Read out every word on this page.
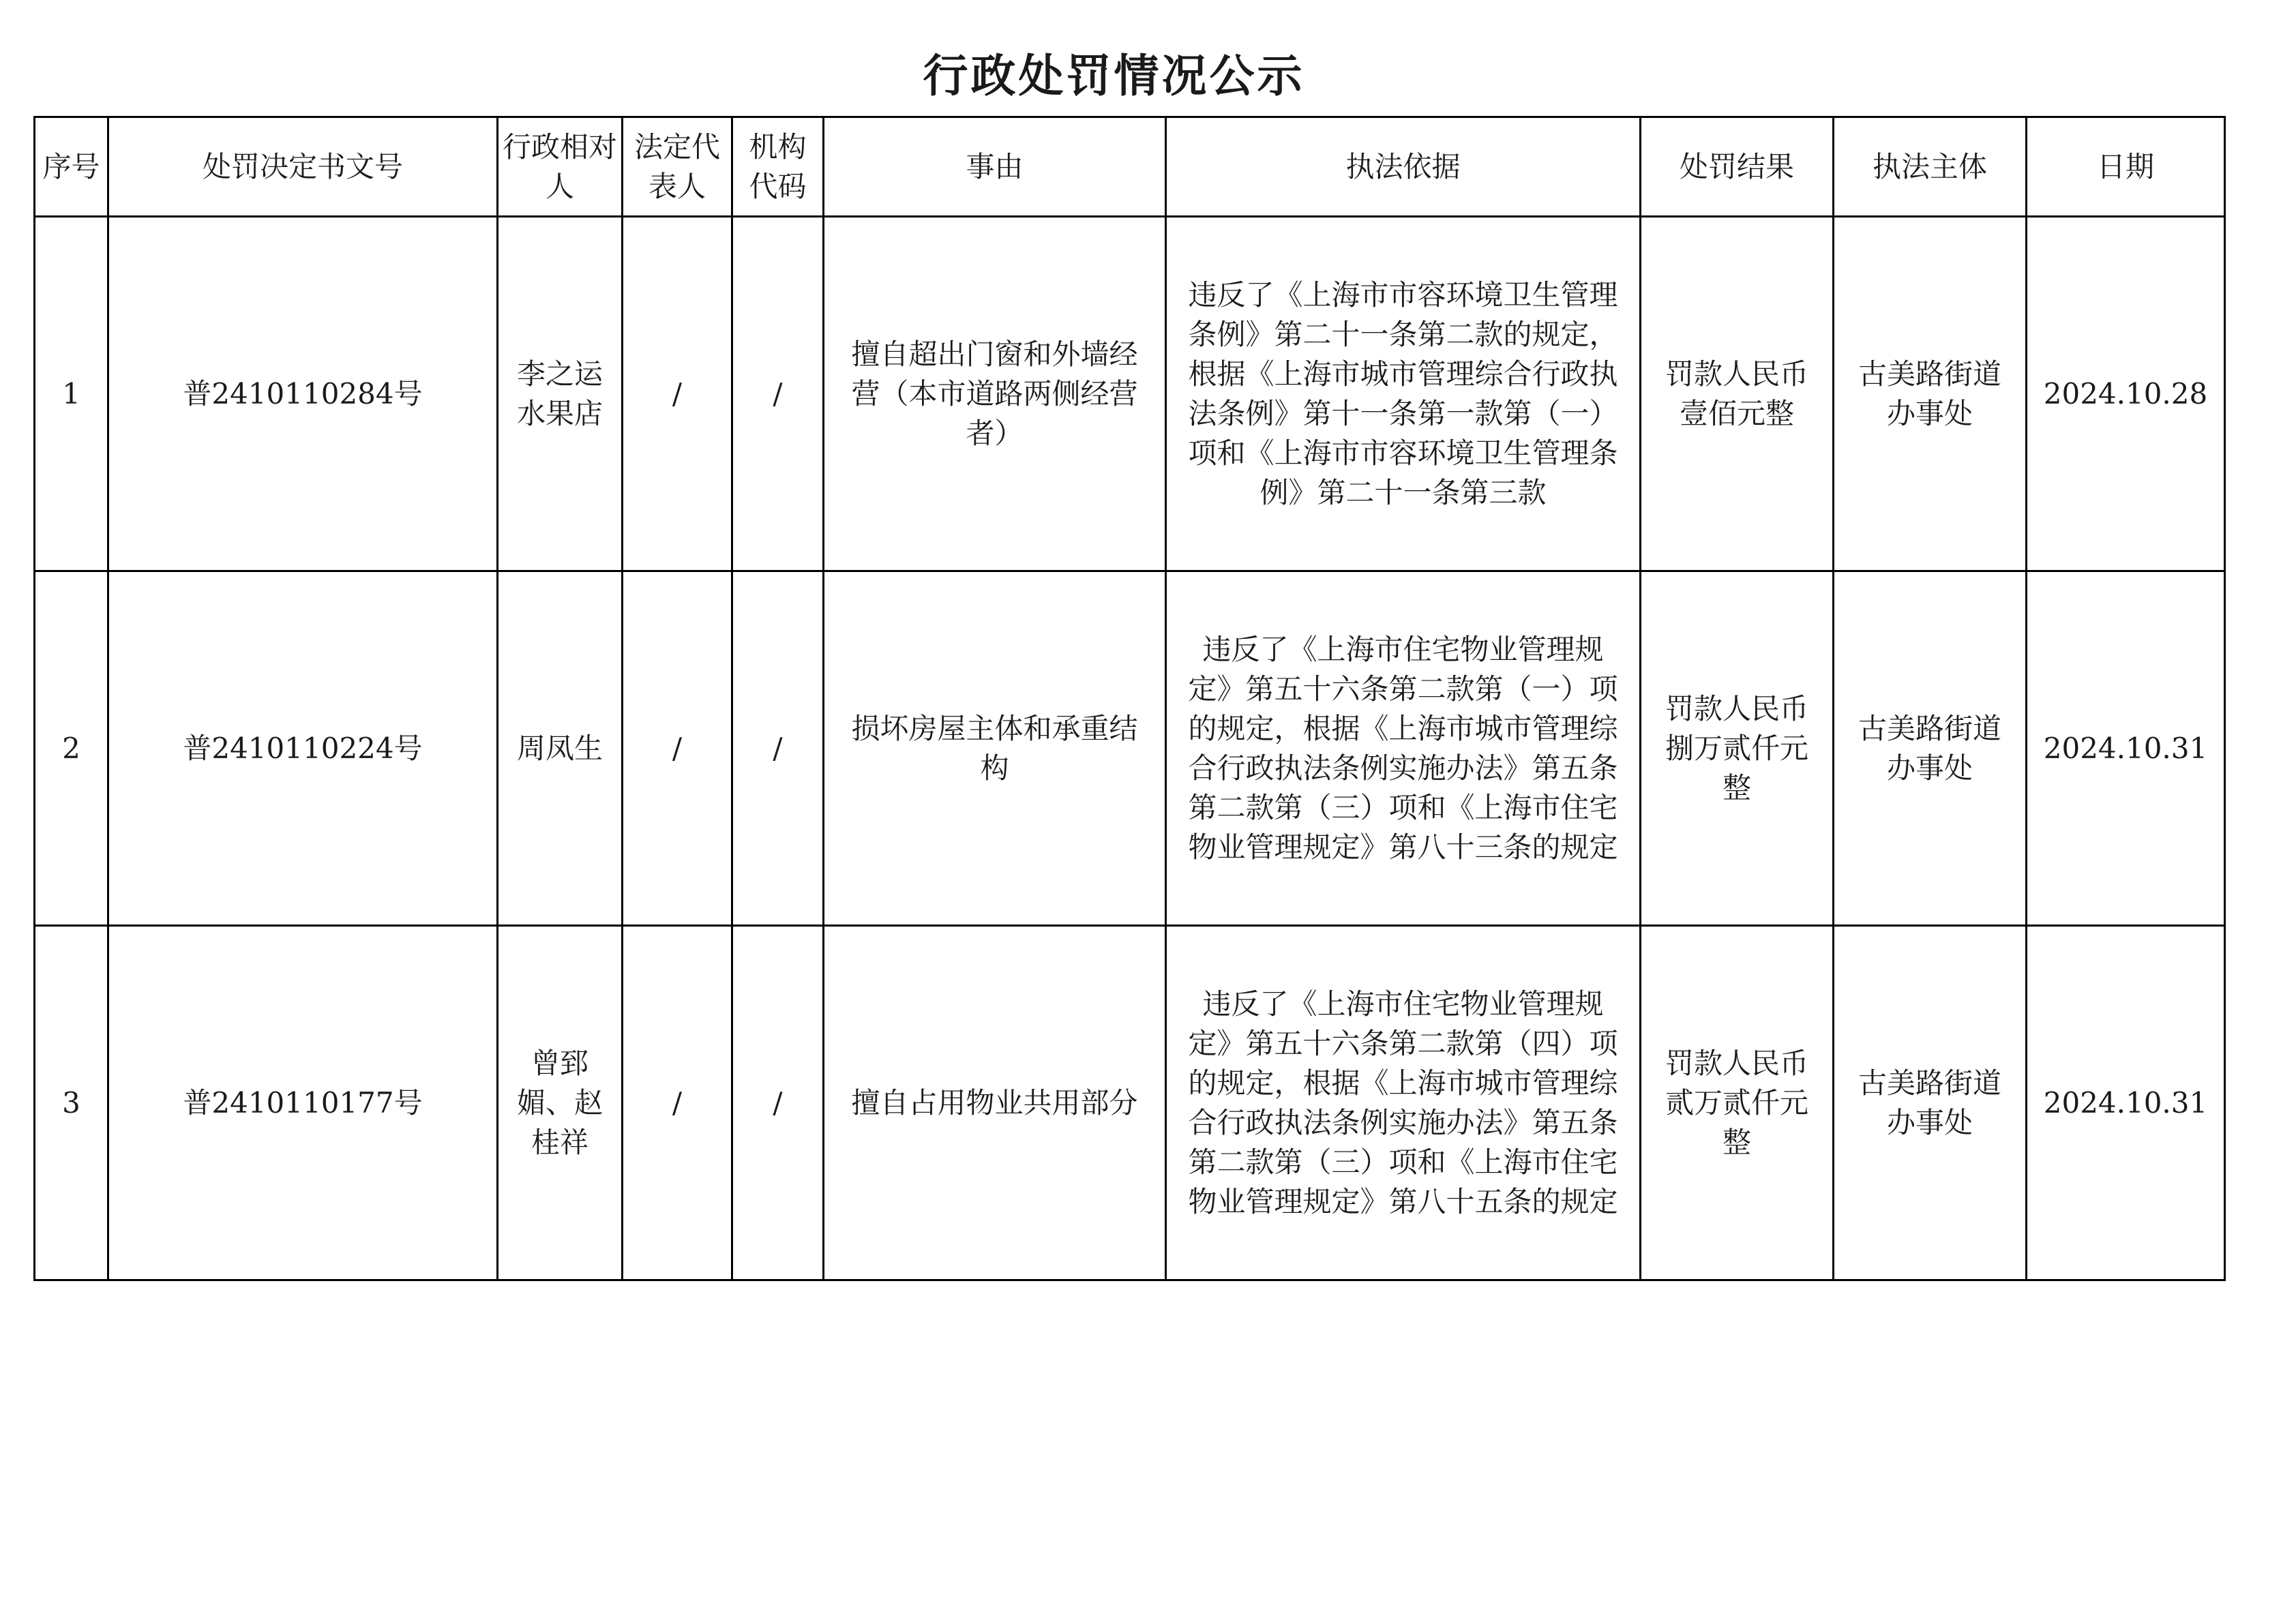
行政处罚情况公示
序号	处罚决定书文号	行政相对人	法定代表人	机构代码	事由	执法依据	处罚结果	执法主体	日期
1	普2410110284号	李之运水果店	/	/	擅自超出门窗和外墙经营（本市道路两侧经营者）	违反了《上海市市容环境卫生管理条例》第二十一条第二款的规定，根据《上海市城市管理综合行政执法条例》第十一条第一款第（一）项和《上海市市容环境卫生管理条例》第二十一条第三款	罚款人民币壹佰元整	古美路街道办事处	2024.10.28
2	普2410110224号	周凤生	/	/	损坏房屋主体和承重结构	违反了《上海市住宅物业管理规定》第五十六条第二款第（一）项的规定，根据《上海市城市管理综合行政执法条例实施办法》第五条第二款第（三）项和《上海市住宅物业管理规定》第八十三条的规定	罚款人民币捌万贰仟元整	古美路街道办事处	2024.10.31
3	普2410110177号	曾郅媚、赵桂祥	/	/	擅自占用物业共用部分	违反了《上海市住宅物业管理规定》第五十六条第二款第（四）项的规定，根据《上海市城市管理综合行政执法条例实施办法》第五条第二款第（三）项和《上海市住宅物业管理规定》第八十五条的规定	罚款人民币贰万贰仟元整	古美路街道办事处	2024.10.31
